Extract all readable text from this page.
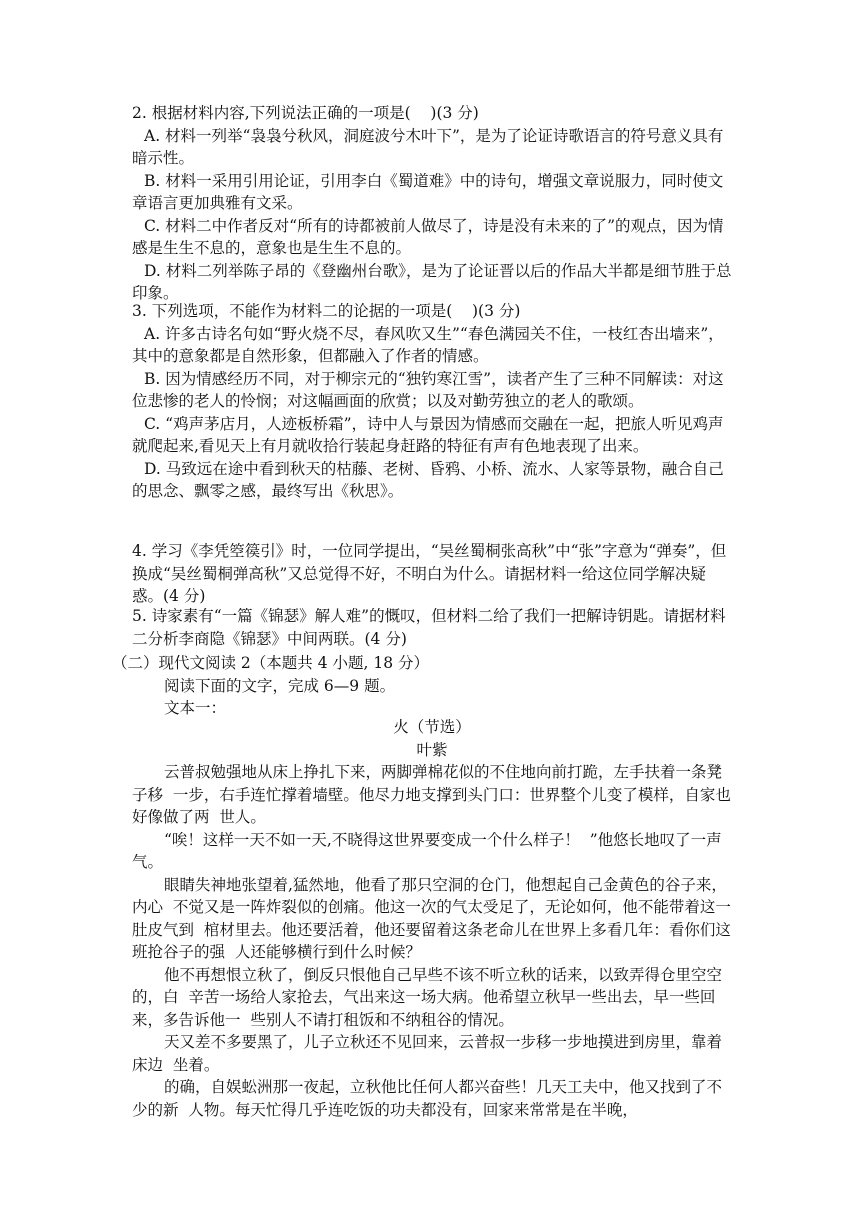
2. 根据材料内容,下列说法正确的一项是(    )(3 分)

A. 材料一列举“袅袅兮秋风，洞庭波兮木叶下”，是为了论证诗歌语言的符号意义具有暗示性。

B. 材料一采用引用论证，引用李白《蜀道难》中的诗句，增强文章说服力，同时使文章语言更加典雅有文采。

C. 材料二中作者反对“所有的诗都被前人做尽了，诗是没有未来的了”的观点，因为情感是生生不息的，意象也是生生不息的。

D. 材料二列举陈子昂的《登幽州台歌》，是为了论证晋以后的作品大半都是细节胜于总印象。

3. 下列选项，不能作为材料二的论据的一项是(    )(3 分)

A. 许多古诗名句如“野火烧不尽，春风吹又生”“春色满园关不住，一枝红杏出墙来”，其中的意象都是自然形象，但都融入了作者的情感。

B. 因为情感经历不同，对于柳宗元的“独钓寒江雪”，读者产生了三种不同解读：对这位悲惨的老人的怜悯；对这幅画面的欣赏；以及对勤劳独立的老人的歌颂。

C. “鸡声茅店月，人迹板桥霜”，诗中人与景因为情感而交融在一起，把旅人听见鸡声就爬起来,看见天上有月就收拾行装起身赶路的特征有声有色地表现了出来。

D. 马致远在途中看到秋天的枯藤、老树、昏鸦、小桥、流水、人家等景物，融合自己的思念、飘零之感，最终写出《秋思》。

4. 学习《李凭箜篌引》时，一位同学提出，“吴丝蜀桐张高秋”中“张”字意为“弹奏”，但换成“吴丝蜀桐弹高秋”又总觉得不好，不明白为什么。请据材料一给这位同学解决疑惑。(4 分)

5. 诗家素有“一篇《锦瑟》解人难”的慨叹，但材料二给了我们一把解诗钥匙。请据材料二分析李商隐《锦瑟》中间两联。(4 分)

（二）现代文阅读 2（本题共 4 小题, 18 分）

阅读下面的文字，完成 6—9 题。

文本一：

火（节选）

叶紫

云普叔勉强地从床上挣扎下来，两脚弹棉花似的不住地向前打跪，左手扶着一条凳子移  一步，右手连忙撑着墙壁。他尽力地支撑到头门口：世界整个儿变了模样，自家也好像做了两  世人。

“唉！这样一天不如一天,不晓得这世界要变成一个什么样子！  ”他悠长地叹了一声气。

眼睛失神地张望着,猛然地，他看了那只空洞的仓门，他想起自己金黄色的谷子来，内心  不觉又是一阵炸裂似的创痛。他这一次的气太受足了，无论如何，他不能带着这一肚皮气到  棺材里去。他还要活着，他还要留着这条老命儿在世界上多看几年：看你们这班抢谷子的强  人还能够横行到什么时候？

他不再想恨立秋了，倒反只恨他自己早些不该不听立秋的话来，以致弄得仓里空空的，白  辛苦一场给人家抢去，气出来这一场大病。他希望立秋早一些出去，早一些回来，多告诉他一  些别人不请打租饭和不纳租谷的情况。

天又差不多要黑了，儿子立秋还不见回来，云普叔一步移一步地摸进到房里，靠着床边  坐着。

的确，自娱蚣洲那一夜起，立秋他比任何人都兴奋些！几天工夫中，他又找到了不少的新  人物。每天忙得几乎连吃饭的功夫都没有，回家来常常是在半晚，
